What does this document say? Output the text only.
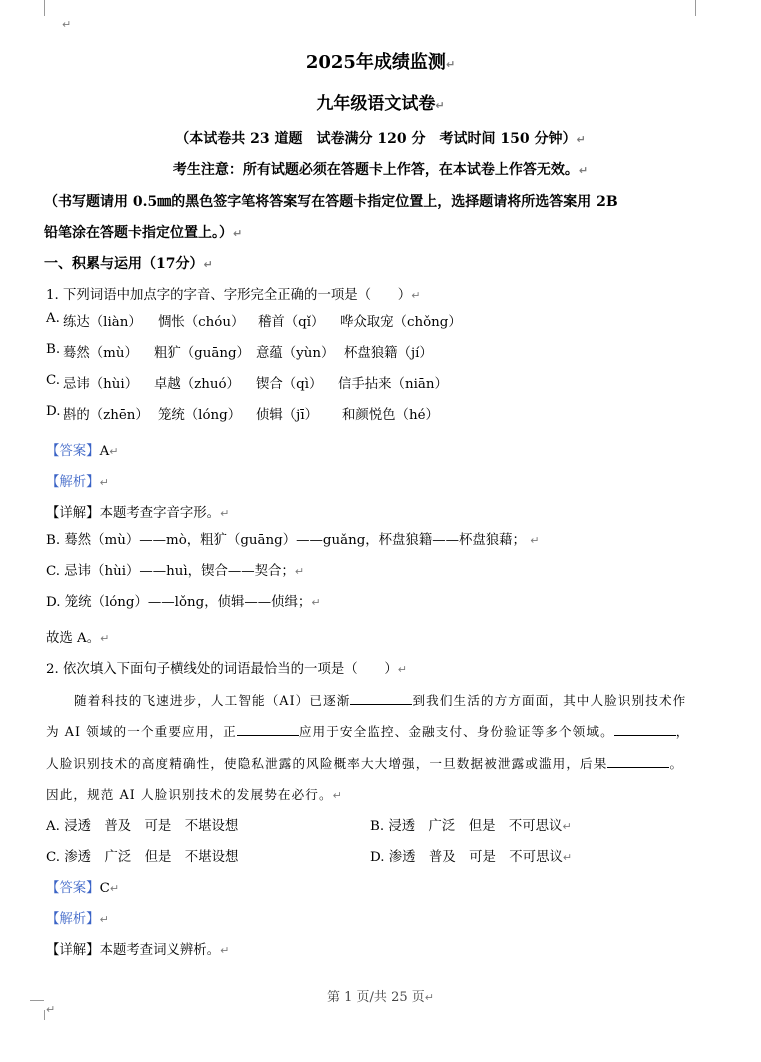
↵
2025年成绩监测↵
九年级语文试卷↵
（本试卷共 23 道题　试卷满分 120 分　考试时间 150 分钟）↵
考生注意：所有试题必须在答题卡上作答，在本试卷上作答无效。↵
（书写题请用 0.5㎜的黑色签字笔将答案写在答题卡指定位置上，选择题请将所选答案用 2B
铅笔涂在答题卡指定位置上。）↵
一、积累与运用（17分）↵
1. 下列词语中加点字的字音、字形完全正确的一项是（　　）↵
A. 练达（liàn） 惆怅（chóu） 稽首（qǐ） 哗众取宠（chǒng）
B. 蓦然（mù） 粗犷（guāng） 意蕴（yùn） 杯盘狼籍（jí）
C. 忌讳（hùi） 卓越（zhuó） 锲合（qì） 信手拈来（niān）
D. 斟的（zhēn） 笼统（lóng） 侦辑（jī） 和颜悦色（hé）
【答案】A↵
【解析】↵
【详解】本题考查字音字形。↵
B. 蓦然（mù）——mò，粗犷（guāng）——guǎng，杯盘狼籍——杯盘狼藉； ↵
C. 忌讳（hùi）——huì，锲合——契合；↵
D. 笼统（lóng）——lǒng，侦辑——侦缉；↵
故选 A。↵
2. 依次填入下面句子横线处的词语最恰当的一项是（　　）↵
随着科技的飞速进步，人工智能（AI）已逐渐	到我们生活的方方面面，其中人脸识别技术作
为 AI 领域的一个重要应用，正	应用于安全监控、金融支付、身份验证等多个领域。	，
人脸识别技术的高度精确性，使隐私泄露的风险概率大大增强，一旦数据被泄露或滥用，后果	。
因此，规范 AI 人脸识别技术的发展势在必行。↵
A. 浸透　普及　可是　不堪设想	B. 浸透　广泛　但是　不可思议↵
C. 渗透　广泛　但是　不堪设想	D. 渗透　普及　可是　不可思议↵
【答案】C↵
【解析】↵
【详解】本题考查词义辨析。↵
第 1 页/共 25 页↵
↵
